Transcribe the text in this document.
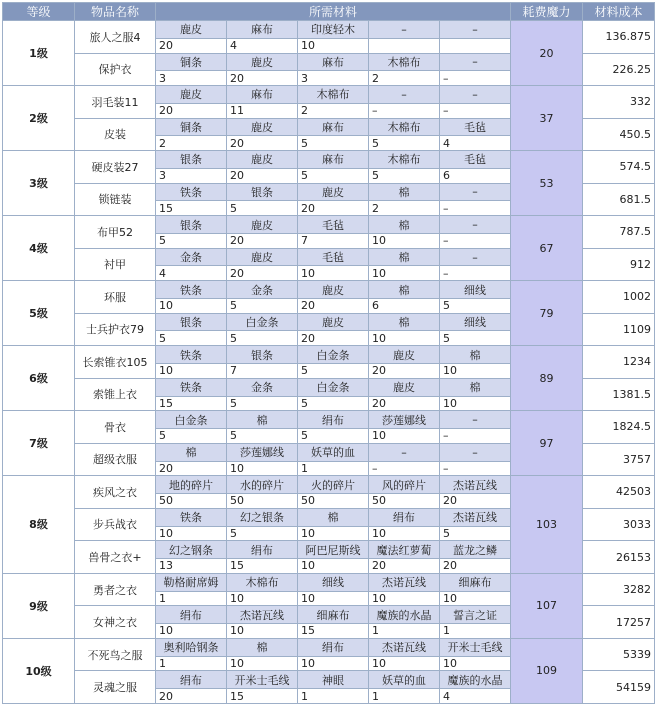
等级	物品名称	所需材料					耗费魔力	材料成本
1级	旅人之服4	鹿皮	麻布	印度轻木	–	–	20	136.875
		20	4	10				
	保护衣	铜条	鹿皮	麻布	木棉布	–		226.25
		3	20	3	2	–		
2级	羽毛装11	鹿皮	麻布	木棉布	–	–	37	332
		20	11	2	–	–		
	皮装	铜条	鹿皮	麻布	木棉布	毛毡		450.5
		2	20	5	5	4		
3级	硬皮装27	银条	鹿皮	麻布	木棉布	毛毡	53	574.5
		3	20	5	5	6		
	锁链装	铁条	银条	鹿皮	棉	–		681.5
		15	5	20	2	–		
4级	布甲52	银条	鹿皮	毛毡	棉	–	67	787.5
		5	20	7	10	–		
	衬甲	金条	鹿皮	毛毡	棉	–		912
		4	20	10	10	–		
5级	环服	铁条	金条	鹿皮	棉	细线	79	1002
		10	5	20	6	5		
	士兵护衣79	银条	白金条	鹿皮	棉	细线		1109
		5	5	20	10	5		
6级	长索锥衣105	铁条	银条	白金条	鹿皮	棉	89	1234
		10	7	5	20	10		
	索锥上衣	铁条	金条	白金条	鹿皮	棉		1381.5
		15	5	5	20	10		
7级	骨衣	白金条	棉	绢布	莎莲娜线	–	97	1824.5
		5	5	5	10	–		
	超级衣服	棉	莎莲娜线	妖草的血	–	–		3757
		20	10	1	–	–		
8级	疾风之衣	地的碎片	水的碎片	火的碎片	风的碎片	杰诺瓦线	103	42503
		50	50	50	50	20		
	步兵战衣	铁条	幻之银条	棉	绢布	杰诺瓦线		3033
		10	5	10	10	5		
	兽骨之衣+	幻之钢条	绢布	阿巴尼斯线	魔法红萝蔔	蓝龙之鳞		26153
		13	15	10	20	20		
9级	勇者之衣	勒格耐席姆	木棉布	细线	杰诺瓦线	细麻布	107	3282
		1	10	10	10	10		
	女神之衣	绢布	杰诺瓦线	细麻布	魔族的水晶	誓言之证		17257
		10	10	15	1	1		
10级	不死鸟之服	奥利哈钢条	棉	绢布	杰诺瓦线	开米士毛线	109	5339
		1	10	10	10	10		
	灵魂之服	绢布	开米士毛线	神眼	妖草的血	魔族的水晶		54159
		20	15	1	1	4		
